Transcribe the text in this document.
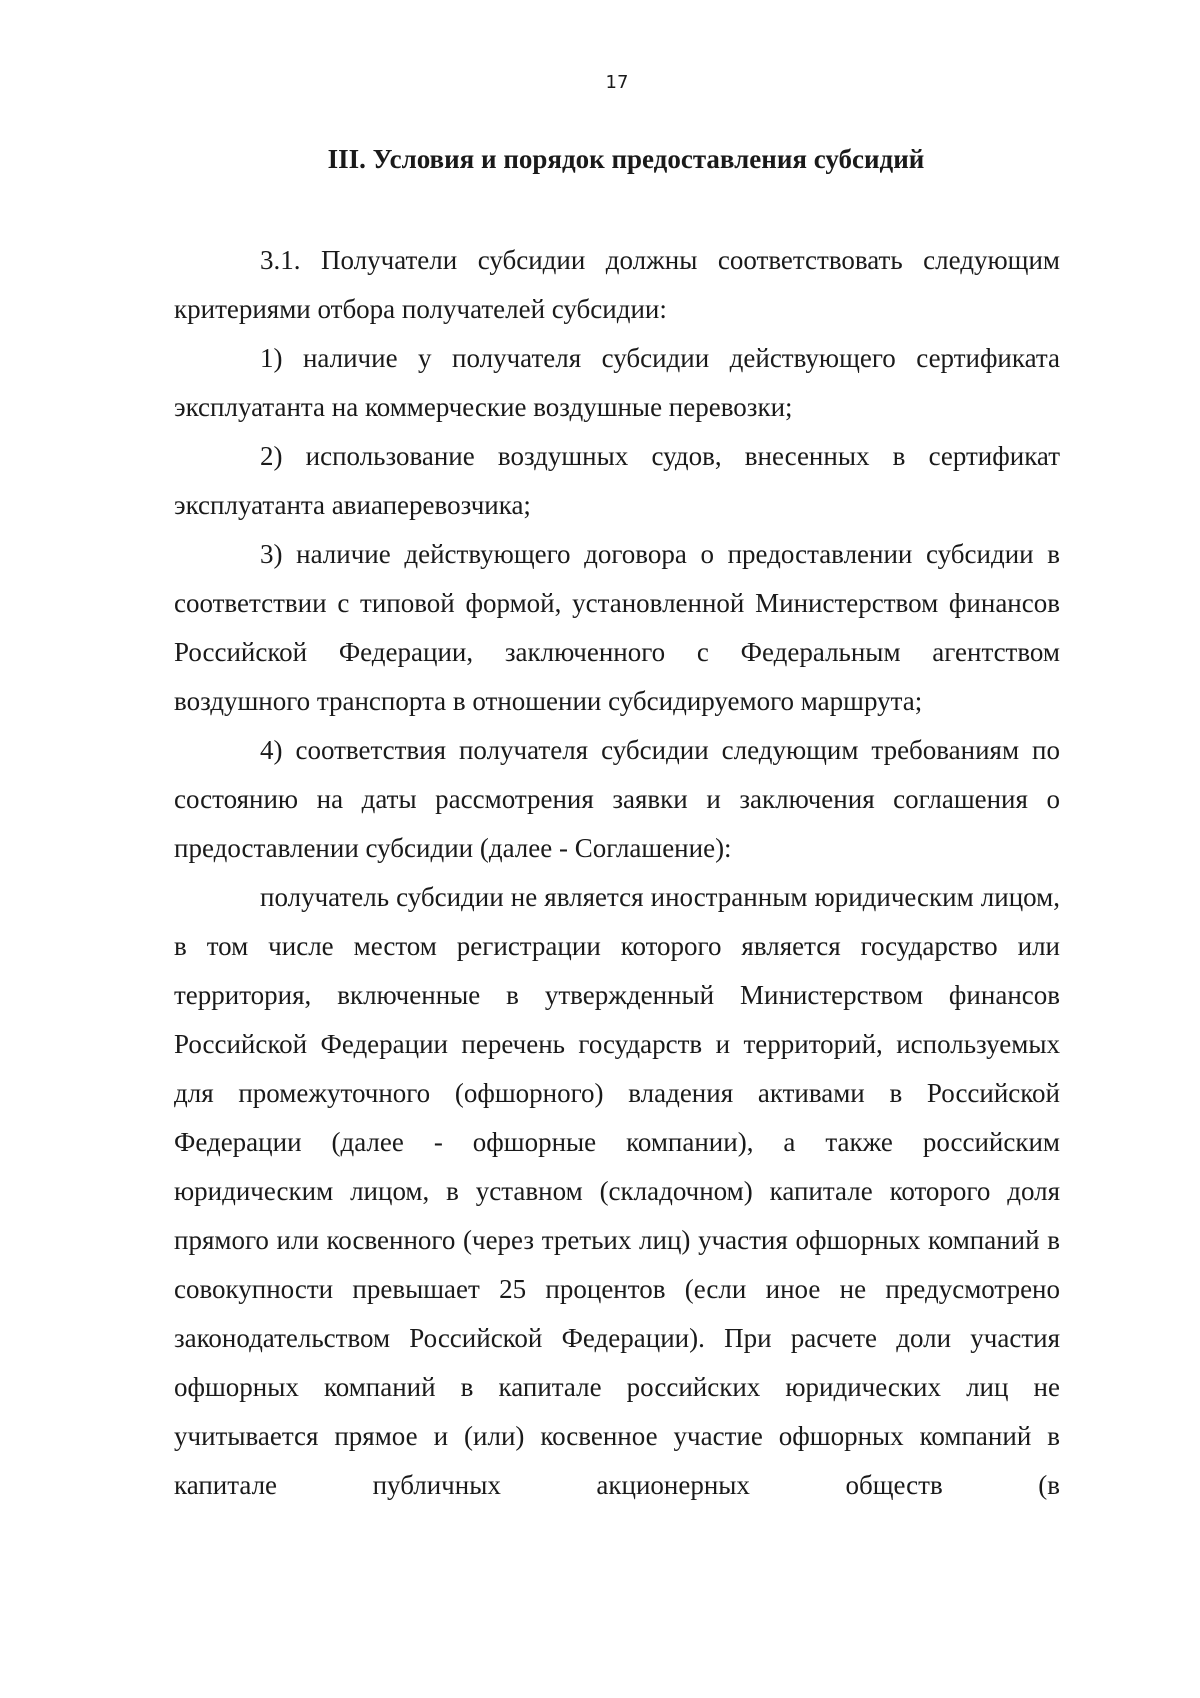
17
III. Условия и порядок предоставления субсидий

3.1. Получатели субсидии должны соответствовать следующим критериями отбора получателей субсидии:

1) наличие у получателя субсидии действующего сертификата эксплуатанта на коммерческие воздушные перевозки;

2) использование воздушных судов, внесенных в сертификат эксплуатанта авиаперевозчика;

3) наличие действующего договора о предоставлении субсидии в соответствии с типовой формой, установленной Министерством финансов Российской Федерации, заключенного с Федеральным агентством воздушного транспорта в отношении субсидируемого маршрута;

4) соответствия получателя субсидии следующим требованиям по состоянию на даты рассмотрения заявки и заключения соглашения о предоставлении субсидии (далее - Соглашение):

получатель субсидии не является иностранным юридическим лицом, в том числе местом регистрации которого является государство или территория, включенные в утвержденный Министерством финансов Российской Федерации перечень государств и территорий, используемых для промежуточного (офшорного) владения активами в Российской Федерации (далее - офшорные компании), а также российским юридическим лицом, в уставном (складочном) капитале которого доля прямого или косвенного (через третьих лиц) участия офшорных компаний в совокупности превышает 25 процентов (если иное не предусмотрено законодательством Российской Федерации). При расчете доли участия офшорных компаний в капитале российских юридических лиц не учитывается прямое и (или) косвенное участие офшорных компаний в капитале публичных акционерных обществ (в
